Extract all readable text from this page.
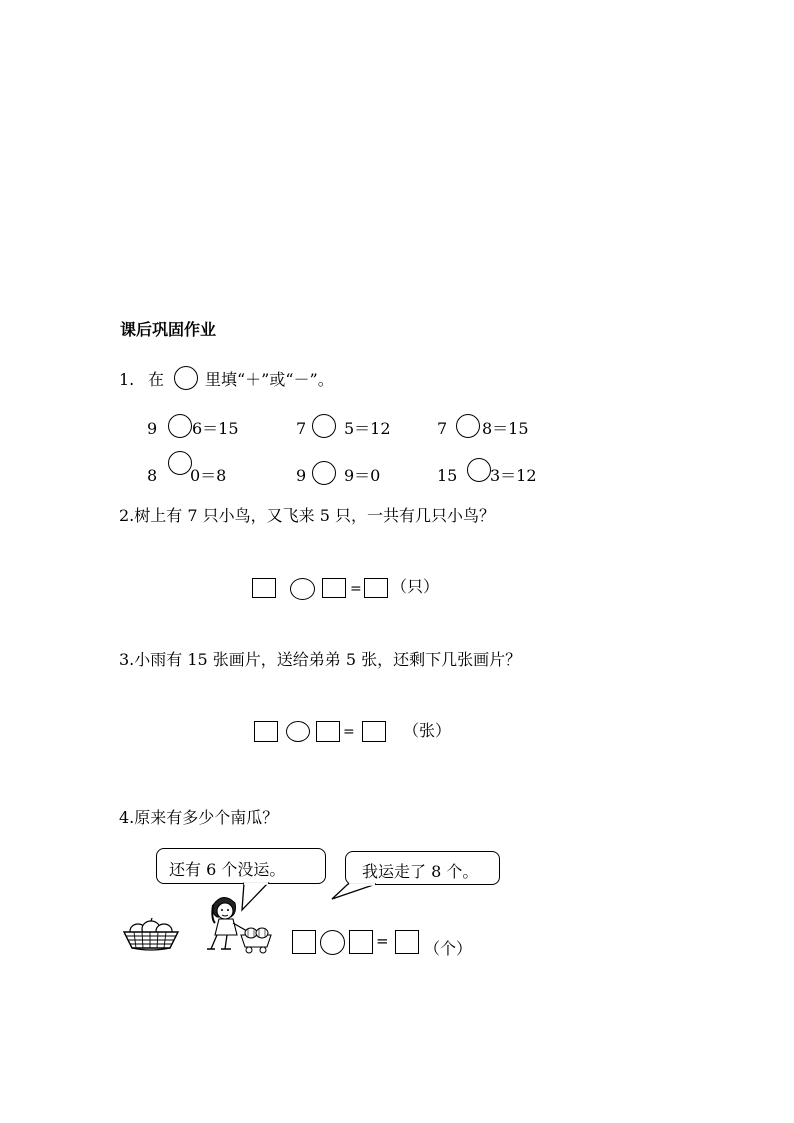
课后巩固作业
1. 在	里填“＋”或“－”。
9 6＝15	7 5＝12	7 8＝15
8 0＝8	9 9＝0	15 3＝12
2.树上有 7 只小鸟，又飞来 5 只，一共有几只小鸟？
= （只）
3.小雨有 15 张画片，送给弟弟 5 张，还剩下几张画片？
=	（张）
4.原来有多少个南瓜？
还有 6 个没运。	我运走了 8 个。
= （个）
